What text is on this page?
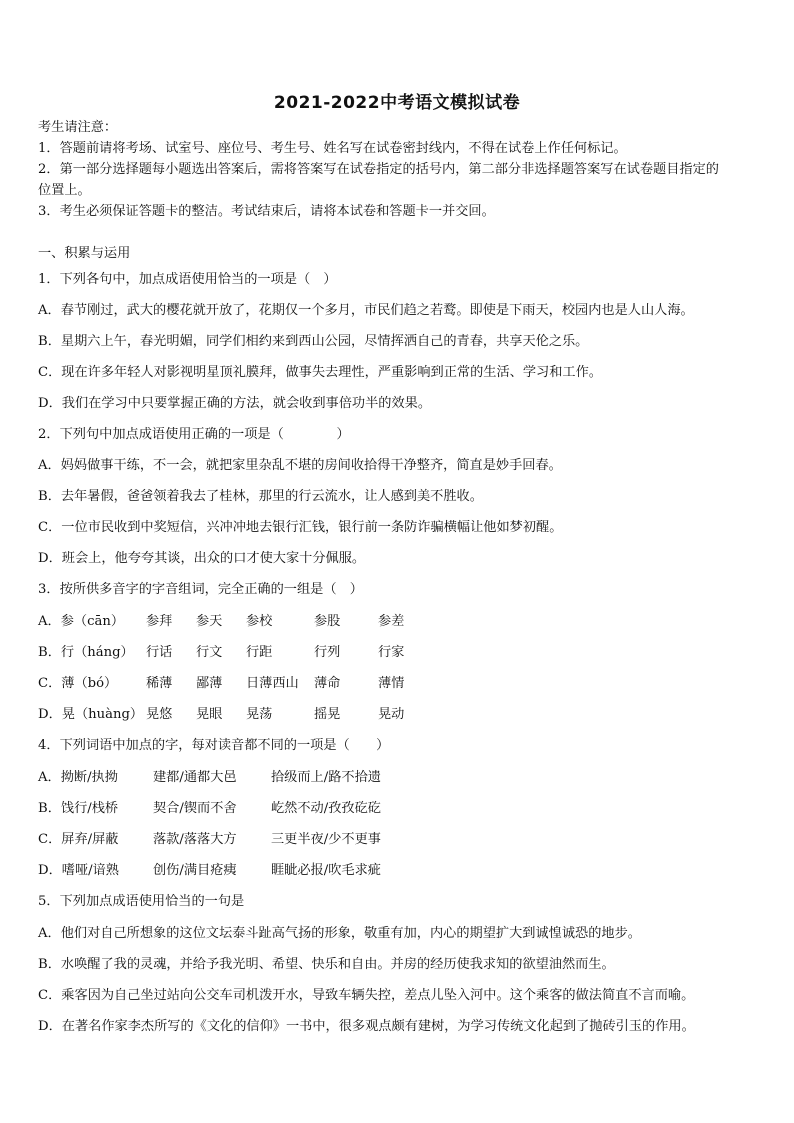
2021-2022中考语文模拟试卷
考生请注意：
1．答题前请将考场、试室号、座位号、考生号、姓名写在试卷密封线内，不得在试卷上作任何标记。
2．第一部分选择题每小题选出答案后，需将答案写在试卷指定的括号内，第二部分非选择题答案写在试卷题目指定的
位置上。
3．考生必须保证答题卡的整洁。考试结束后，请将本试卷和答题卡一并交回。
一、积累与运用
1．下列各句中，加点成语使用恰当的一项是（　）
A．春节刚过，武大的樱花就开放了，花期仅一个多月，市民们趋之若鹜。即使是下雨天，校园内也是人山人海。
B．星期六上午，春光明媚，同学们相约来到西山公园，尽情挥洒自己的青春，共享天伦之乐。
C．现在许多年轻人对影视明星顶礼膜拜，做事失去理性，严重影响到正常的生活、学习和工作。
D．我们在学习中只要掌握正确的方法，就会收到事倍功半的效果。
2．下列句中加点成语使用正确的一项是（　　　　）
A．妈妈做事干练，不一会，就把家里杂乱不堪的房间收拾得干净整齐，简直是妙手回春。
B．去年暑假，爸爸领着我去了桂林，那里的行云流水，让人感到美不胜收。
C．一位市民收到中奖短信，兴冲冲地去银行汇钱，银行前一条防诈骗横幅让他如梦初醒。
D．班会上，他夸夸其谈，出众的口才使大家十分佩服。
3．按所供多音字的字音组词，完全正确的一组是（　）
A．参（cān）	参拜	参天	参校	参股	参差
B．行（háng） 行话	行文	行距	行列	行家
C．薄（bó）	稀薄	鄙薄	日薄西山	薄命	薄情
D．晃（huàng） 晃悠	晃眼	晃荡	摇晃	晃动
4．下列词语中加点的字，每对读音都不同的一项是（　　）
A．拗断/执拗	建都/通都大邑	拾级而上/路不拾遗
B．饯行/栈桥	契合/锲而不舍	屹然不动/孜孜矻矻
C．屏弃/屏蔽	落款/落落大方	三更半夜/少不更事
D．嗜哑/谙熟	创伤/满目疮痍	睚眦必报/吹毛求疵
5．下列加点成语使用恰当的一句是
A．他们对自己所想象的这位文坛泰斗趾高气扬的形象，敬重有加，内心的期望扩大到诚惶诚恐的地步。
B．水唤醒了我的灵魂，并给予我光明、希望、快乐和自由。并房的经历使我求知的欲望油然而生。
C．乘客因为自己坐过站向公交车司机泼开水，导致车辆失控，差点儿坠入河中。这个乘客的做法简直不言而喻。
D．在著名作家李杰所写的《文化的信仰》一书中，很多观点颇有建树，为学习传统文化起到了抛砖引玉的作用。
